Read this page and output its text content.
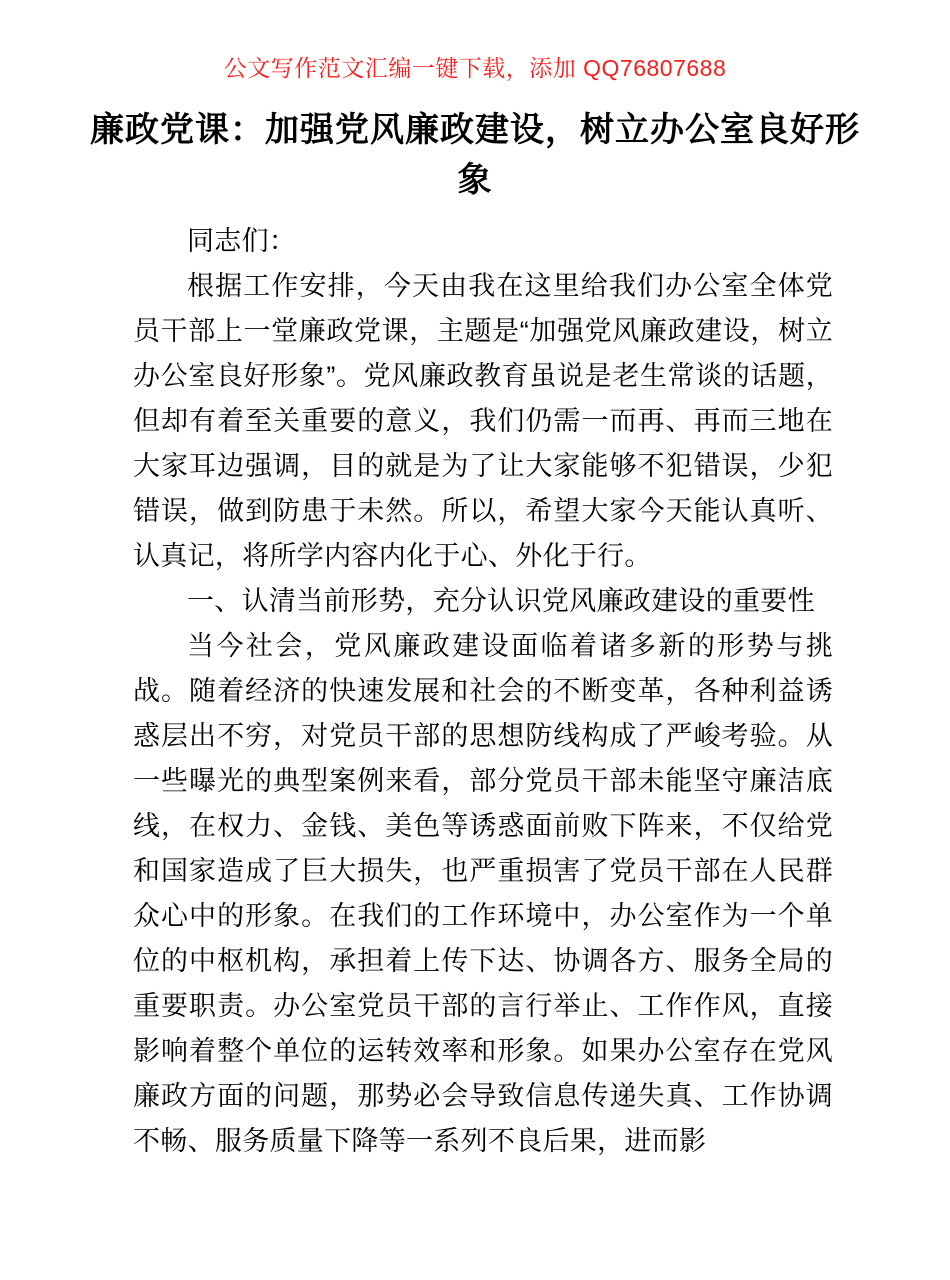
公文写作范文汇编一键下载，添加 QQ76807688
廉政党课：加强党风廉政建设，树立办公室良好形象

同志们：

根据工作安排，今天由我在这里给我们办公室全体党员干部上一堂廉政党课，主题是“加强党风廉政建设，树立办公室良好形象”。党风廉政教育虽说是老生常谈的话题，但却有着至关重要的意义，我们仍需一而再、再而三地在大家耳边强调，目的就是为了让大家能够不犯错误，少犯错误，做到防患于未然。所以，希望大家今天能认真听、认真记，将所学内容内化于心、外化于行。

一、认清当前形势，充分认识党风廉政建设的重要性

当今社会，党风廉政建设面临着诸多新的形势与挑战。随着经济的快速发展和社会的不断变革，各种利益诱惑层出不穷，对党员干部的思想防线构成了严峻考验。从一些曝光的典型案例来看，部分党员干部未能坚守廉洁底线，在权力、金钱、美色等诱惑面前败下阵来，不仅给党和国家造成了巨大损失，也严重损害了党员干部在人民群众心中的形象。在我们的工作环境中，办公室作为一个单位的中枢机构，承担着上传下达、协调各方、服务全局的重要职责。办公室党员干部的言行举止、工作作风，直接影响着整个单位的运转效率和形象。如果办公室存在党风廉政方面的问题，那势必会导致信息传递失真、工作协调不畅、服务质量下降等一系列不良后果，进而影
